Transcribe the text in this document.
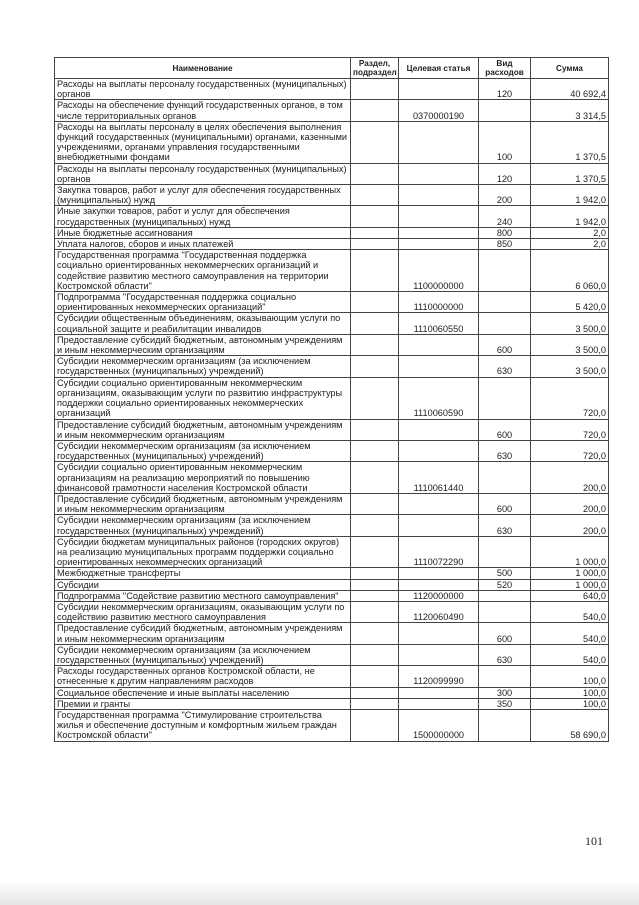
Наименование	Раздел, подраздел	Целевая статья	Вид расходов	Сумма
Расходы на выплаты персоналу государственных (муниципальных) органов			120	40 692,4
Расходы на обеспечение функций государственных органов, в том числе территориальных органов		0370000190		3 314,5
Расходы на выплаты персоналу в целях обеспечения выполнения функций государственных (муниципальными) органами, казенными учреждениями, органами управления государственными внебюджетными фондами			100	1 370,5
Расходы на выплаты персоналу государственных (муниципальных) органов			120	1 370,5
Закупка товаров, работ и услуг для обеспечения государственных (муниципальных) нужд			200	1 942,0
Иные закупки товаров, работ и услуг для обеспечения государственных (муниципальных) нужд			240	1 942,0
Иные бюджетные ассигнования			800	2,0
Уплата налогов, сборов и иных платежей			850	2,0
Государственная программа "Государственная поддержка социально ориентированных некоммерческих организаций и содействие развитию местного самоуправления на территории Костромской области"		1100000000		6 060,0
Подпрограмма "Государственная поддержка социально ориентированных некоммерческих организаций"		1110000000		5 420,0
Субсидии общественным объединениям, оказывающим услуги по социальной защите и реабилитации инвалидов		1110060550		3 500,0
Предоставление субсидий бюджетным, автономным учреждениям и иным некоммерческим организациям			600	3 500,0
Субсидии некоммерческим организациям (за исключением государственных (муниципальных) учреждений)			630	3 500,0
Субсидии социально ориентированным некоммерческим организациям, оказывающим услуги по развитию инфраструктуры поддержки социально ориентированных некоммерческих организаций		1110060590		720,0
Предоставление субсидий бюджетным, автономным учреждениям и иным некоммерческим организациям			600	720,0
Субсидии некоммерческим организациям (за исключением государственных (муниципальных) учреждений)			630	720,0
Субсидии социально ориентированным некоммерческим организациям на реализацию мероприятий по повышению финансовой грамотности населения Костромской области		1110061440		200,0
Предоставление субсидий бюджетным, автономным учреждениям и иным некоммерческим организациям			600	200,0
Субсидии некоммерческим организациям (за исключением государственных (муниципальных) учреждений)			630	200,0
Субсидии бюджетам муниципальных районов (городских округов) на реализацию муниципальных программ поддержки социально ориентированных некоммерческих организаций		1110072290		1 000,0
Межбюджетные трансферты			500	1 000,0
Субсидии			520	1 000,0
Подпрограмма "Содействие развитию местного самоуправления"		1120000000		640,0
Субсидии некоммерческим организациям, оказывающим услуги по содействию развитию местного самоуправления		1120060490		540,0
Предоставление субсидий бюджетным, автономным учреждениям и иным некоммерческим организациям			600	540,0
Субсидии некоммерческим организациям (за исключением государственных (муниципальных) учреждений)			630	540,0
Расходы государственных органов Костромской области, не отнесенные к другим направлениям расходов		1120099990		100,0
Социальное обеспечение и иные выплаты населению			300	100,0
Премии и гранты			350	100,0
Государственная программа "Стимулирование строительства жилья и обеспечение доступным и комфортным жильем граждан Костромской области"		1500000000		58 690,0
101
